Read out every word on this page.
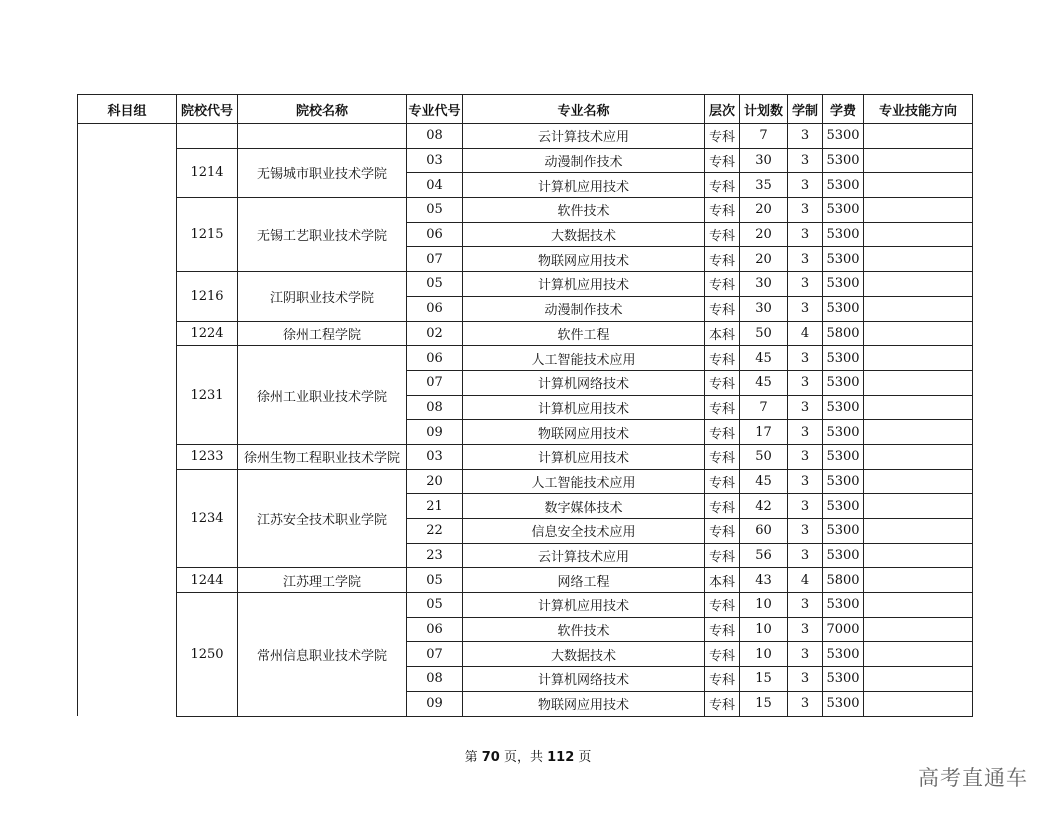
科目组	院校代号	院校名称	专业代号	专业名称	层次	计划数	学制	学费	专业技能方向
			08	云计算技术应用	专科	7	3	5300	
	1214	无锡城市职业技术学院	03	动漫制作技术	专科	30	3	5300	
			04	计算机应用技术	专科	35	3	5300	
	1215	无锡工艺职业技术学院	05	软件技术	专科	20	3	5300	
			06	大数据技术	专科	20	3	5300	
			07	物联网应用技术	专科	20	3	5300	
	1216	江阴职业技术学院	05	计算机应用技术	专科	30	3	5300	
			06	动漫制作技术	专科	30	3	5300	
	1224	徐州工程学院	02	软件工程	本科	50	4	5800	
	1231	徐州工业职业技术学院	06	人工智能技术应用	专科	45	3	5300	
			07	计算机网络技术	专科	45	3	5300	
			08	计算机应用技术	专科	7	3	5300	
			09	物联网应用技术	专科	17	3	5300	
	1233	徐州生物工程职业技术学院	03	计算机应用技术	专科	50	3	5300	
	1234	江苏安全技术职业学院	20	人工智能技术应用	专科	45	3	5300	
			21	数字媒体技术	专科	42	3	5300	
			22	信息安全技术应用	专科	60	3	5300	
			23	云计算技术应用	专科	56	3	5300	
	1244	江苏理工学院	05	网络工程	本科	43	4	5800	
	1250	常州信息职业技术学院	05	计算机应用技术	专科	10	3	5300	
			06	软件技术	专科	10	3	7000	
			07	大数据技术	专科	10	3	5300	
			08	计算机网络技术	专科	15	3	5300	
			09	物联网应用技术	专科	15	3	5300	
第 70 页，共 112 页
高考直通车
